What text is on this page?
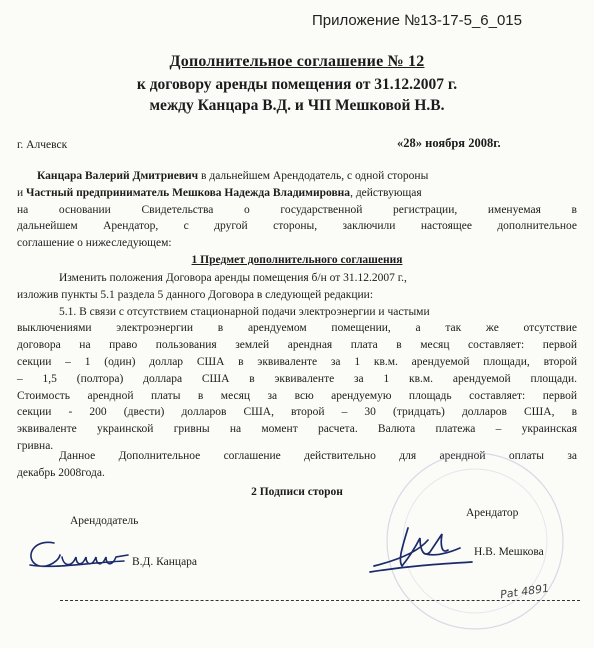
Приложение №13-17-5_6_015
Дополнительное соглашение № 12
к договору аренды помещения от 31.12.2007 г.
между Канцара В.Д. и ЧП Мешковой Н.В.
г. Алчевск	«28» ноября 2008г.
Канцара Валерий Дмитриевич в дальнейшем Арендодатель, с одной стороны
и Частный предприниматель Мешкова Надежда Владимировна, действующая
на основании Свидетельства о государственной регистрации, именуемая в
дальнейшем Арендатор, с другой стороны, заключили настоящее дополнительное
соглашение о нижеследующем:
1 Предмет дополнительного соглашения
Изменить положения Договора аренды помещения б/н от 31.12.2007 г.,
изложив пункты 5.1 раздела 5 данного Договора в следующей редакции:
5.1. В связи с отсутствием стационарной подачи электроэнергии и частыми
выключениями электроэнергии в арендуемом помещении, а так же отсутствие
договора на право пользования землей арендная плата в месяц составляет: первой
секции – 1 (один) доллар США в эквиваленте за 1 кв.м. арендуемой площади, второй
– 1,5 (полтора) доллара США в эквиваленте за 1 кв.м. арендуемой площади.
Стоимость арендной платы в месяц за всю арендуемую площадь составляет: первой
секции - 200 (двести) долларов США, второй – 30 (тридцать) долларов США, в
эквиваленте украинской гривны на момент расчета. Валюта платежа – украинская
гривна.
Данное Дополнительное соглашение действительно для арендной оплаты за
декабрь 2008года.
2 Подписи сторон
Арендодатель
Арендатор
В.Д. Канцара
Н.В. Мешкова
Pat 4891
